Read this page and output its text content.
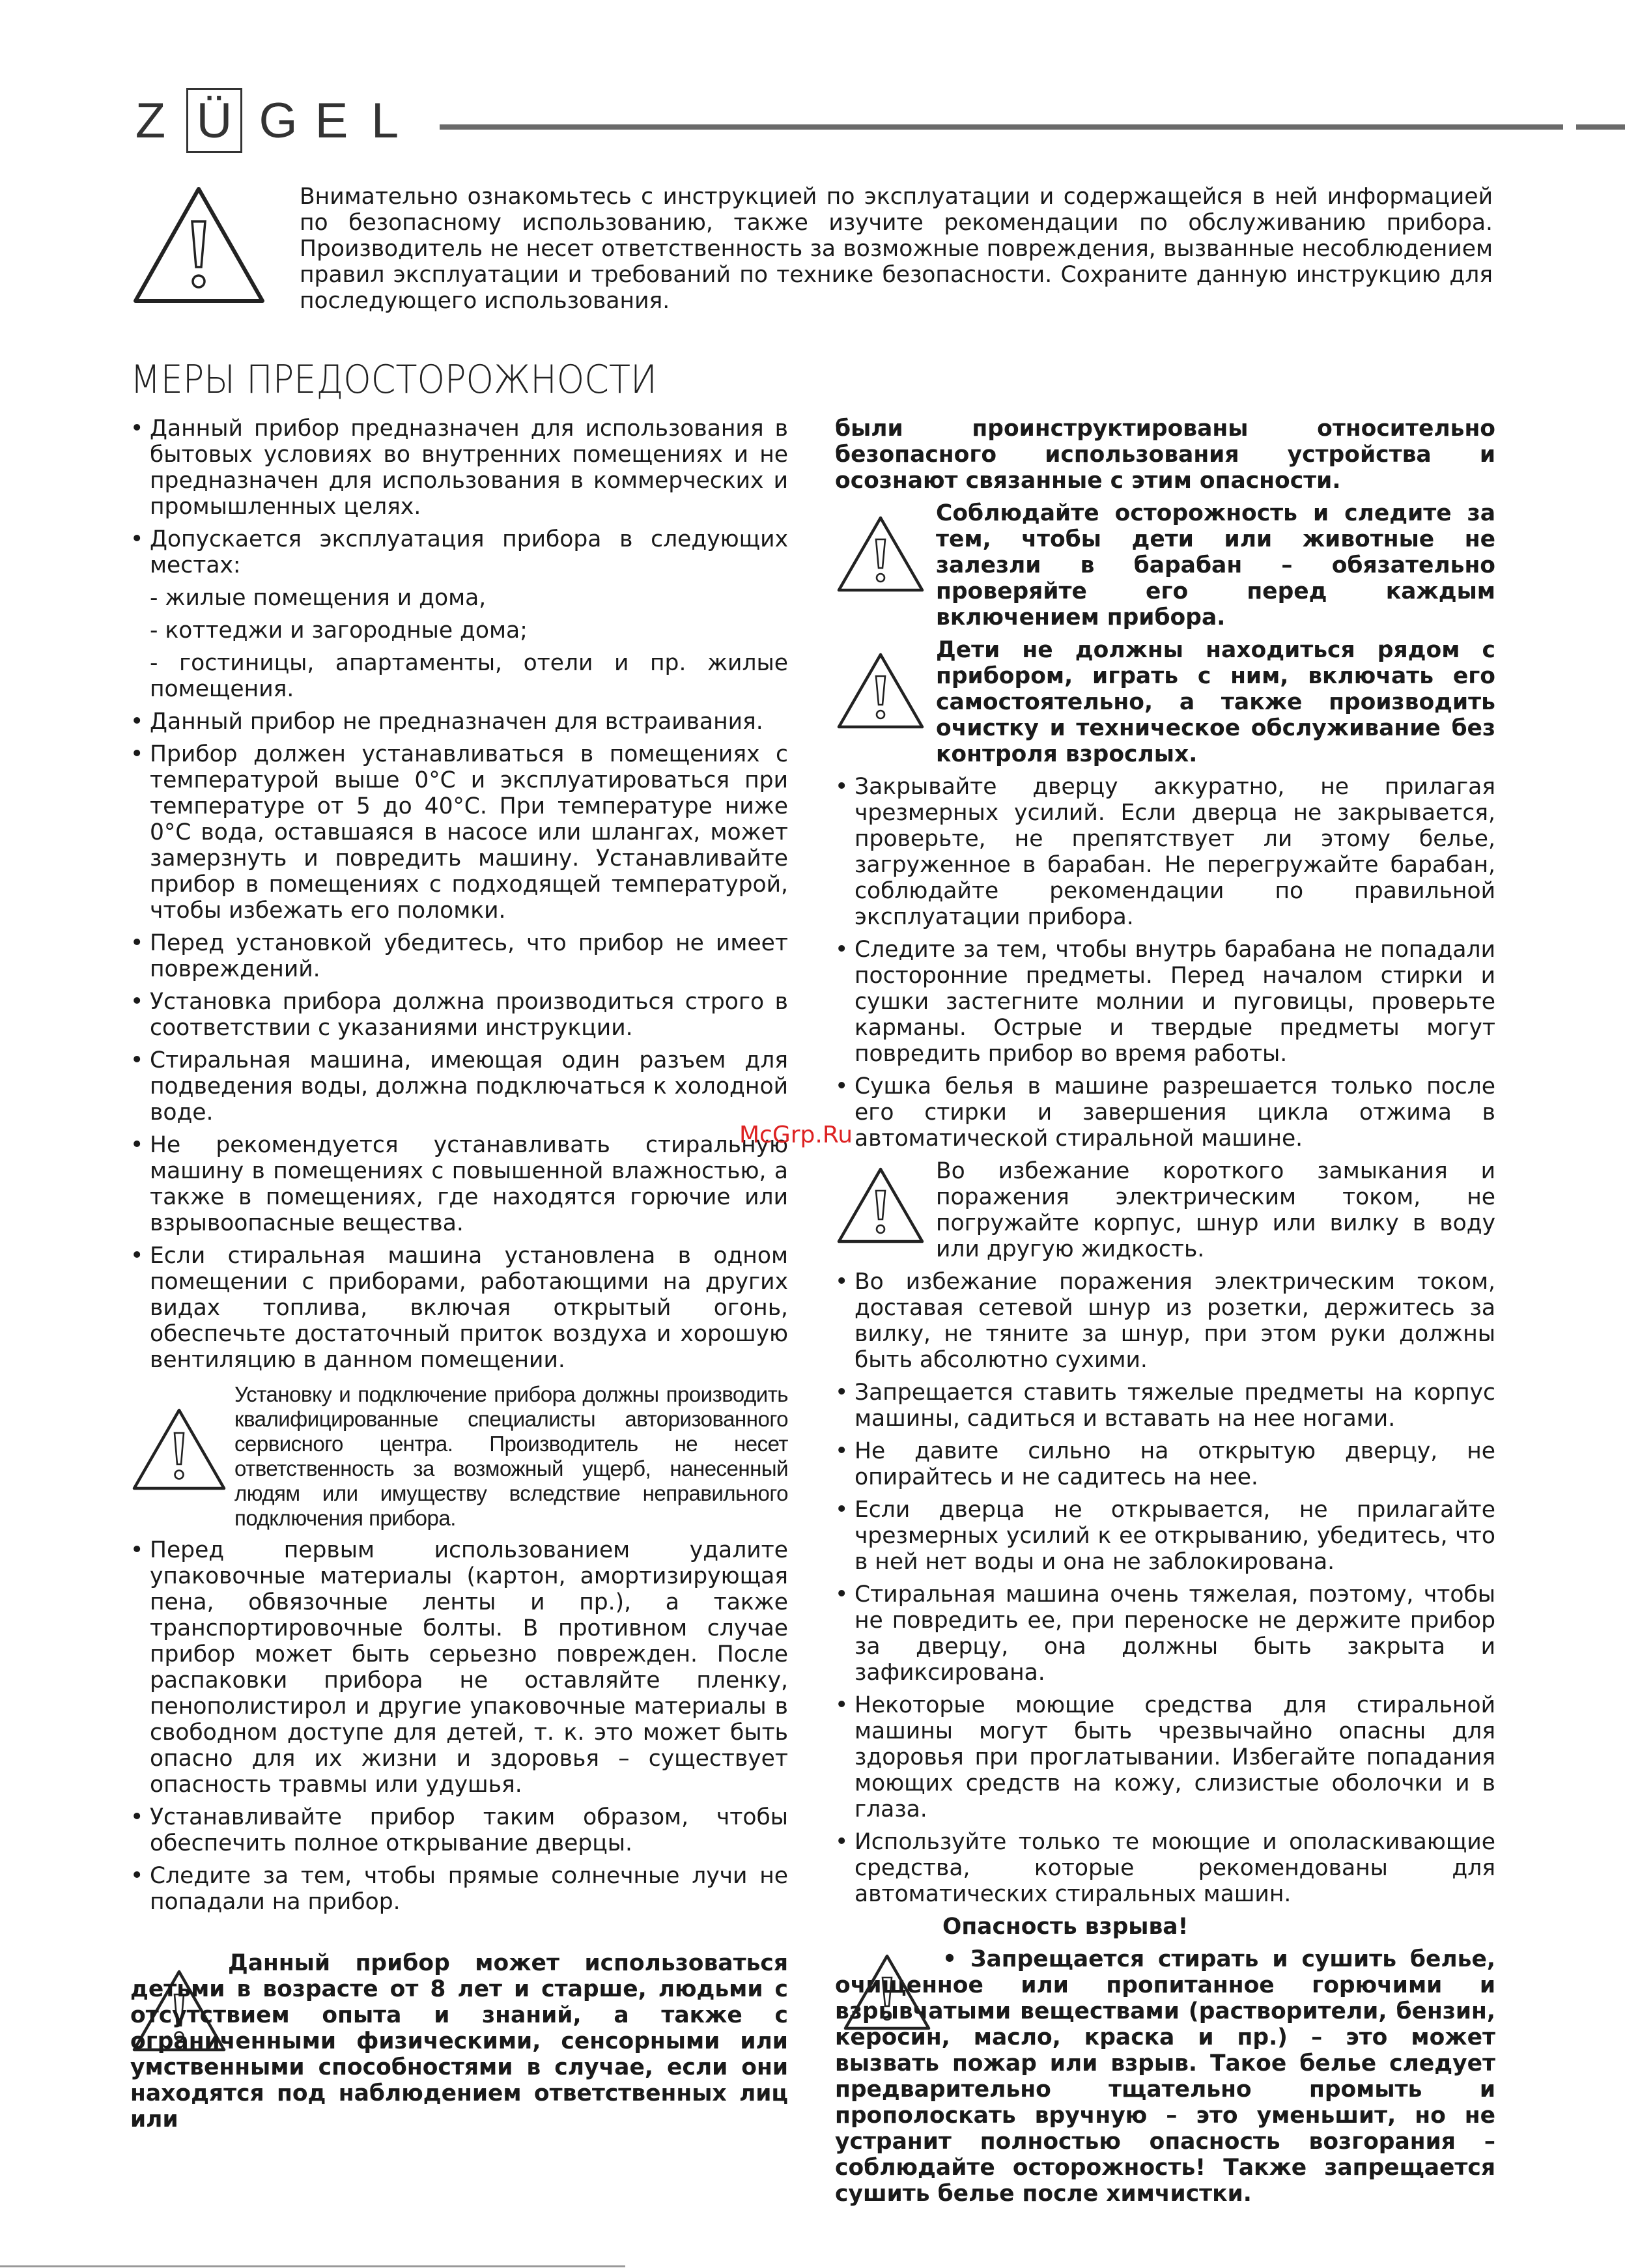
Z Ü G E L
Внимательно ознакомьтесь с инструкцией по эксплуатации и содержащейся в ней информацией по безопасному использованию, также изучите рекомендации по обслуживанию прибора. Производитель не несет ответственность за возможные повреждения, вызванные несоблюдением правил эксплуатации и требований по технике безопасности. Сохраните данную инструкцию для последующего использования.
МЕРЫ ПРЕДОСТОРОЖНОСТИ

• Данный прибор предназначен для использования в бытовых условиях во внутренних помещениях и не предназначен для использования в коммерческих и промышленных целях.

• Допускается эксплуатация прибора в следующих местах:

- жилые помещения и дома,

- коттеджи и загородные дома;

- гостиницы, апартаменты, отели и пр. жилые помещения.

• Данный прибор не предназначен для встраивания.

• Прибор должен устанавливаться в помещениях с температурой выше 0°С и эксплуатироваться при температуре от 5 до 40°С. При температуре ниже 0°С вода, оставшаяся в насосе или шлангах, может замерзнуть и повредить машину. Устанавливайте прибор в помещениях с подходящей температурой, чтобы избежать его поломки.

• Перед установкой убедитесь, что прибор не имеет повреждений.

• Установка прибора должна производиться строго в соответствии с указаниями инструкции.

• Стиральная машина, имеющая один разъем для подведения воды, должна подключаться к холодной воде.

• Не рекомендуется устанавливать стиральную машину в помещениях с повышенной влажностью, а также в помещениях, где находятся горючие или взрывоопасные вещества.

• Если стиральная машина установлена в одном помещении с приборами, работающими на других видах топлива, включая открытый огонь, обеспечьте достаточный приток воздуха и хорошую вентиляцию в данном помещении.

Установку и подключение прибора должны производить квалифицированные специалисты авторизованного сервисного центра. Производитель не несет ответственность за возможный ущерб, нанесенный людям или имуществу вследствие неправильного подключения прибора.

• Перед первым использованием удалите упаковочные материалы (картон, амортизирующая пена, обвязочные ленты и пр.), а также транспортировочные болты. В противном случае прибор может быть серьезно поврежден. После распаковки прибора не оставляйте пленку, пенополистирол и другие упаковочные материалы в свободном доступе для детей, т. к. это может быть опасно для их жизни и здоровья – существует опасность травмы или удушья.

• Устанавливайте прибор таким образом, чтобы обеспечить полное открывание дверцы.

• Следите за тем, чтобы прямые солнечные лучи не попадали на прибор.

Данный прибор может использоваться детьми в возрасте от 8 лет и старше, людьми с отсутствием опыта и знаний, а также с ограниченными физическими, сенсорными или умственными способностями в случае, если они находятся под наблюдением ответственных лиц или

были проинструктированы относительно безопасного использования устройства и осознают связанные с этим опасности.

Соблюдайте осторожность и следите за тем, чтобы дети или животные не залезли в барабан – обязательно проверяйте его перед каждым включением прибора.

Дети не должны находиться рядом с прибором, играть с ним, включать его самостоятельно, а также производить очистку и техническое обслуживание без контроля взрослых.

• Закрывайте дверцу аккуратно, не прилагая чрезмерных усилий. Если дверца не закрывается, проверьте, не препятствует ли этому белье, загруженное в барабан. Не перегружайте барабан, соблюдайте рекомендации по правильной эксплуатации прибора.

• Следите за тем, чтобы внутрь барабана не попадали посторонние предметы. Перед началом стирки и сушки застегните молнии и пуговицы, проверьте карманы. Острые и твердые предметы могут повредить прибор во время работы.

• Сушка белья в машине разрешается только после его стирки и завершения цикла отжима в автоматической стиральной машине.

Во избежание короткого замыкания и поражения электрическим током, не погружайте корпус, шнур или вилку в воду или другую жидкость.

• Во избежание поражения электрическим током, доставая сетевой шнур из розетки, держитесь за вилку, не тяните за шнур, при этом руки должны быть абсолютно сухими.

• Запрещается ставить тяжелые предметы на корпус машины, садиться и вставать на нее ногами.

• Не давите сильно на открытую дверцу, не опирайтесь и не садитесь на нее.

• Если дверца не открывается, не прилагайте чрезмерных усилий к ее открыванию, убедитесь, что в ней нет воды и она не заблокирована.

• Стиральная машина очень тяжелая, поэтому, чтобы не повредить ее, при переноске не держите прибор за дверцу, она должны быть закрыта и зафиксирована.

• Некоторые моющие средства для стиральной машины могут быть чрезвычайно опасны для здоровья при проглатывании. Избегайте попадания моющих средств на кожу, слизистые оболочки и в глаза.

• Используйте только те моющие и ополаскивающие средства, которые рекомендованы для автоматических стиральных машин.

Опасность взрыва!

• Запрещается стирать и сушить белье, очищенное или пропитанное горючими и взрывчатыми веществами (растворители, бензин, керосин, масло, краска и пр.) – это может вызвать пожар или взрыв. Такое белье следует предварительно тщательно промыть и прополоскать вручную – это уменьшит, но не устранит полностью опасность возгорания – соблюдайте осторожность! Также запрещается сушить белье после химчистки.

McGrp.Ru
